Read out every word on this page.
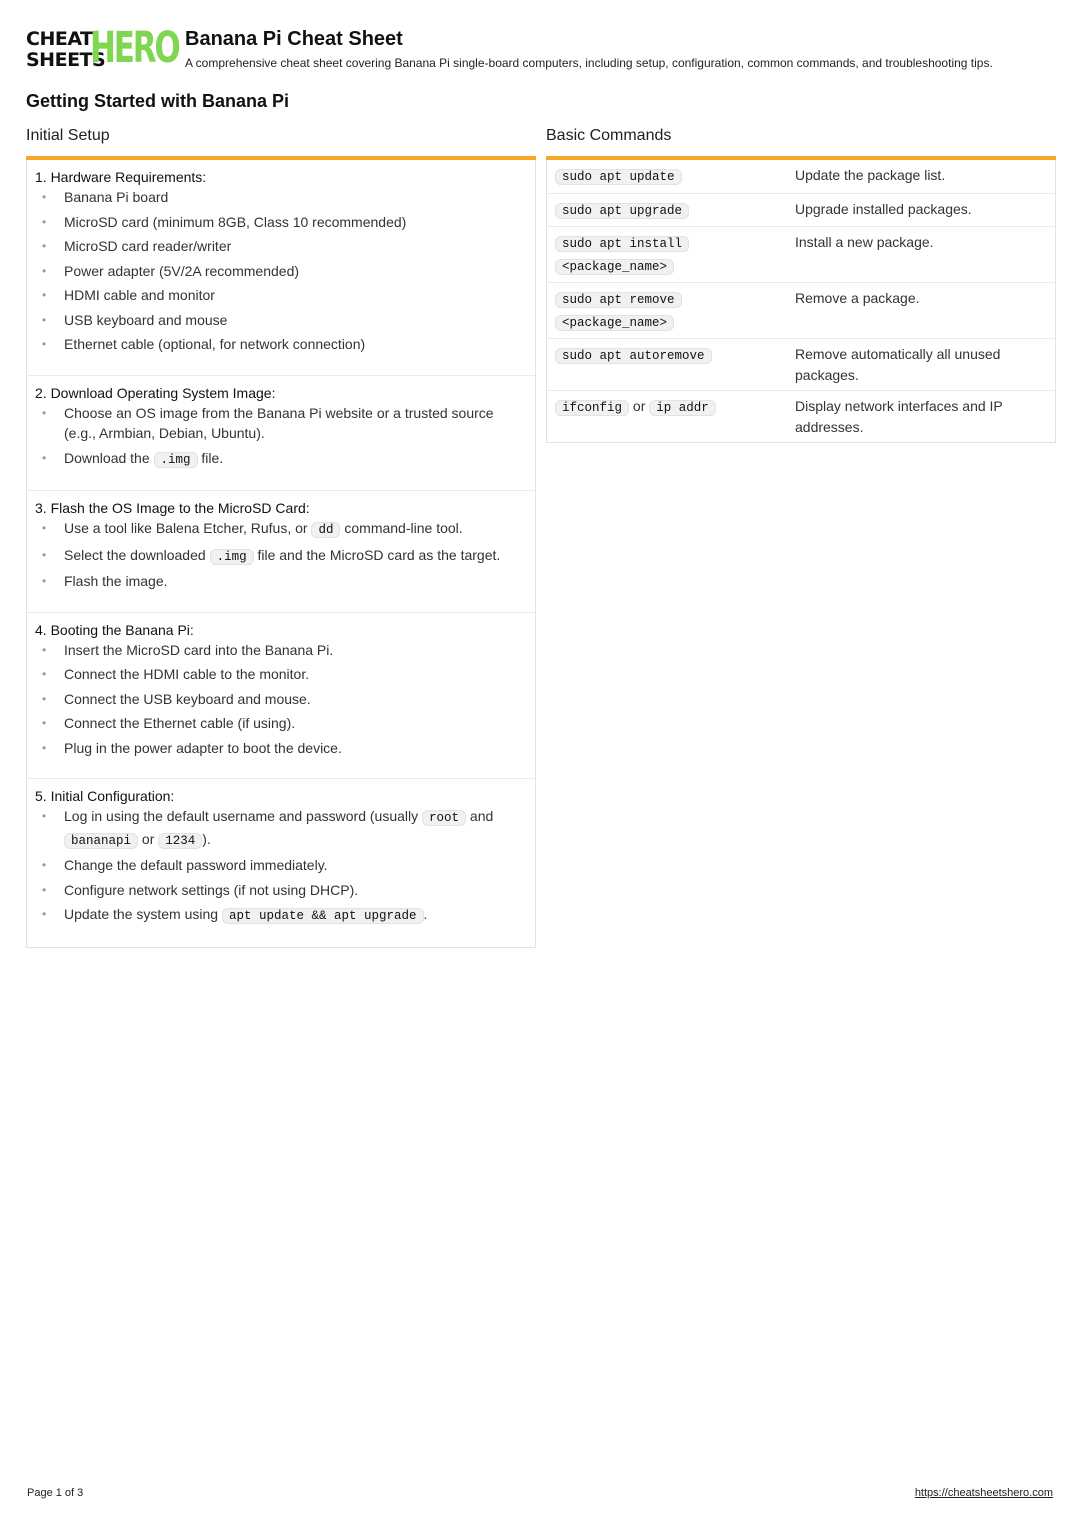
CHEAT
SHEETS
HERO Banana Pi Cheat Sheet
A comprehensive cheat sheet covering Banana Pi single-board computers, including setup, configuration, common commands, and troubleshooting tips.
Getting Started with Banana Pi
Initial Setup
1. Hardware Requirements:
• Banana Pi board
• MicroSD card (minimum 8GB, Class 10 recommended)
• MicroSD card reader/writer
• Power adapter (5V/2A recommended)
• HDMI cable and monitor
• USB keyboard and mouse
• Ethernet cable (optional, for network connection)
2. Download Operating System Image:
• Choose an OS image from the Banana Pi website or a trusted source (e.g., Armbian, Debian, Ubuntu).
• Download the .img file.
3. Flash the OS Image to the MicroSD Card:
• Use a tool like Balena Etcher, Rufus, or dd command-line tool.
• Select the downloaded .img file and the MicroSD card as the target.
• Flash the image.
4. Booting the Banana Pi:
• Insert the MicroSD card into the Banana Pi.
• Connect the HDMI cable to the monitor.
• Connect the USB keyboard and mouse.
• Connect the Ethernet cable (if using).
• Plug in the power adapter to boot the device.
5. Initial Configuration:
• Log in using the default username and password (usually root and bananapi or 1234 ).
• Change the default password immediately.
• Configure network settings (if not using DHCP).
• Update the system using apt update && apt upgrade .
Basic Commands
sudo apt update	Update the package list.
sudo apt upgrade	Upgrade installed packages.
sudo apt install
<package_name>	Install a new package.
sudo apt remove
<package_name>	Remove a package.
sudo apt autoremove	Remove automatically all unused packages.
ifconfig or ip addr	Display network interfaces and IP addresses.
Page 1 of 3	https://cheatsheetshero.com
